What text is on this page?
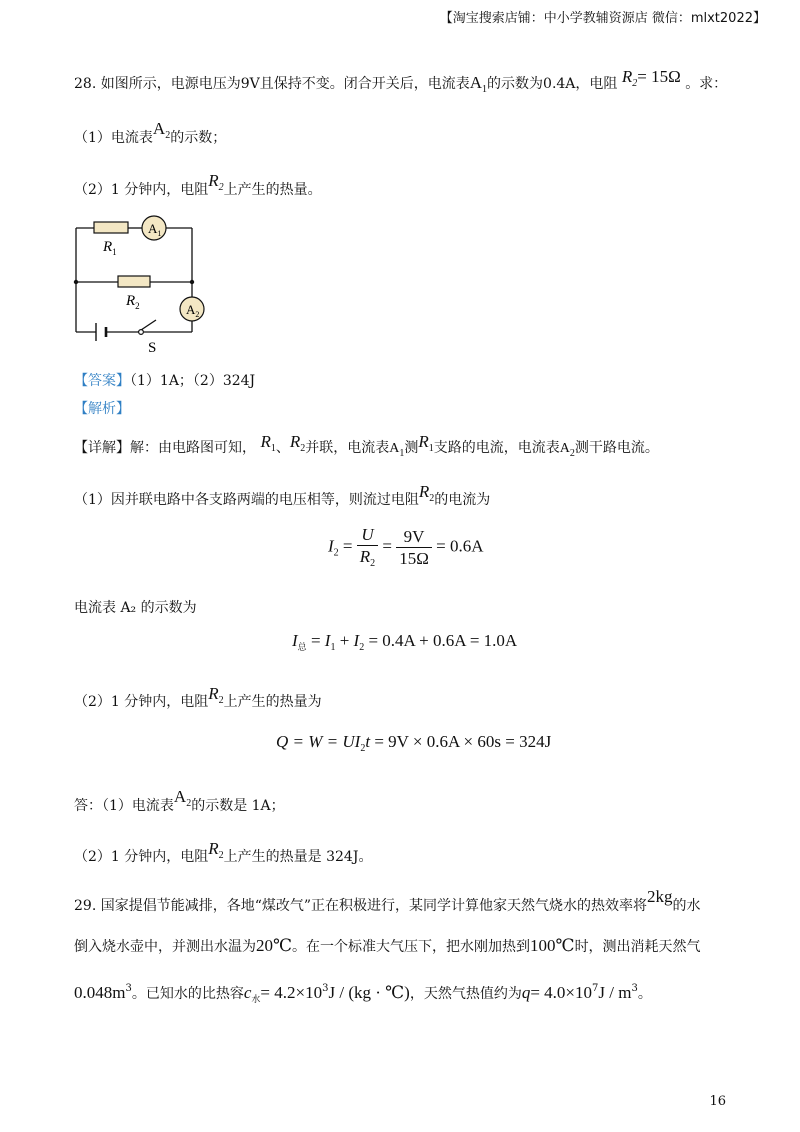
【淘宝搜索店铺：中小学教辅资源店 微信：mlxt2022】
28. 如图所示，电源电压为9V且保持不变。闭合开关后，电流表$A_1$的示数为0.4A，电阻 $R_2= 15\Omega$ 。求：
（1）电流表$A_2$的示数；
（2）1 分钟内，电阻$R_2$上产生的热量。
$A_1$
$A_2$
$R_1$
$R_2$
S
【答案】（1）1A；（2）324J
【解析】
【详解】解：由电路图可知， $R_1$、$R_2$并联，电流表$A_1$测$R_1$支路的电流，电流表$A_2$测干路电流。
（1）因并联电路中各支路两端的电压相等，则流过电阻$R_2$的电流为
$I_2 = \frac{U}{R_2} = \frac{9V}{15\Omega} = 0.6A$
电流表 A₂ 的示数为
$I_总 = I_1 + I_2 = 0.4A + 0.6A = 1.0A$
（2）1 分钟内，电阻$R_2$上产生的热量为
$Q = W = UI_2t = 9V \times 0.6A \times 60s = 324J$
答：（1）电流表$A_2$的示数是 1A；
（2）1 分钟内，电阻$R_2$上产生的热量是 324J。
29. 国家提倡节能减排，各地“煤改气”正在积极进行，某同学计算他家天然气烧水的热效率将2kg的水
倒入烧水壶中，并测出水温为20℃。在一个标准大气压下，把水刚加热到100℃时，测出消耗天然气
$0.048m^3$。已知水的比热容$c_水= 4.2\times 10^3J / (kg$ · ℃)，天然气热值约为$q= 4.0\times 10^7J / m^3$。
16
